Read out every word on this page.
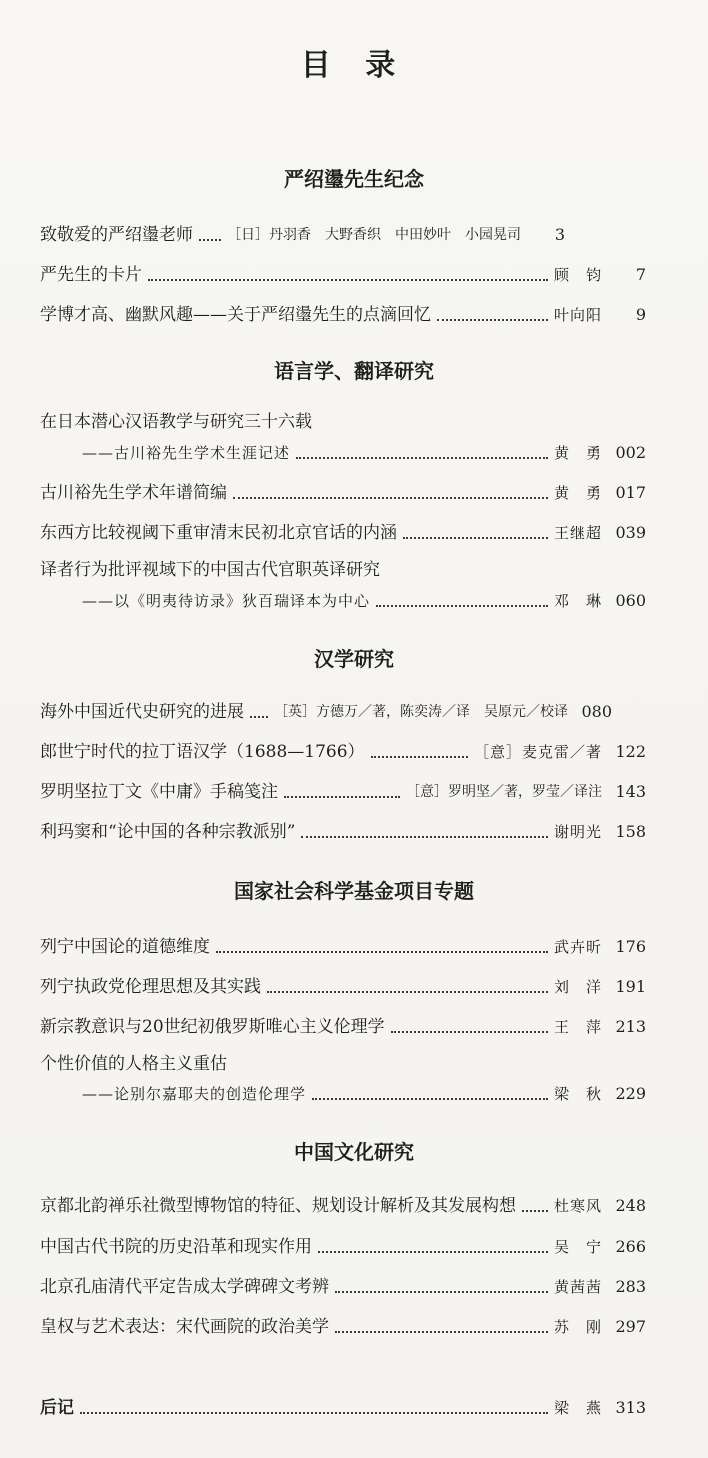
目 录
严绍璗先生纪念
致敬爱的严绍璗老师 ［日］丹羽香　大野香织　中田妙叶　小园晃司	3
严先生的卡片	顾　钧	7
学博才高、幽默风趣——关于严绍璗先生的点滴回忆	叶向阳	9
语言学、翻译研究
在日本潜心汉语教学与研究三十六载
——古川裕先生学术生涯记述	黄　勇 002
古川裕先生学术年谱简编	黄　勇 017
东西方比较视阈下重审清末民初北京官话的内涵	王继超 039
译者行为批评视域下的中国古代官职英译研究
——以《明夷待访录》狄百瑞译本为中心	邓　琳 060
汉学研究
海外中国近代史研究的进展 ［英］方德万／著，陈奕涛／译　吴原元／校译 080
郎世宁时代的拉丁语汉学（1688—1766）	［意］麦克雷／著 122
罗明坚拉丁文《中庸》手稿笺注	［意］罗明坚／著，罗莹／译注 143
利玛窦和“论中国的各种宗教派别”	谢明光 158
国家社会科学基金项目专题
列宁中国论的道德维度	武卉昕 176
列宁执政党伦理思想及其实践	刘　洋 191
新宗教意识与20世纪初俄罗斯唯心主义伦理学	王　萍 213
个性价值的人格主义重估
——论别尔嘉耶夫的创造伦理学	梁　秋 229
中国文化研究
京都北韵禅乐社微型博物馆的特征、规划设计解析及其发展构想	杜寒风 248
中国古代书院的历史沿革和现实作用	吴　宁 266
北京孔庙清代平定告成太学碑碑文考辨	黄茜茜 283
皇权与艺术表达：宋代画院的政治美学	苏　刚 297
后记	梁　燕 313
